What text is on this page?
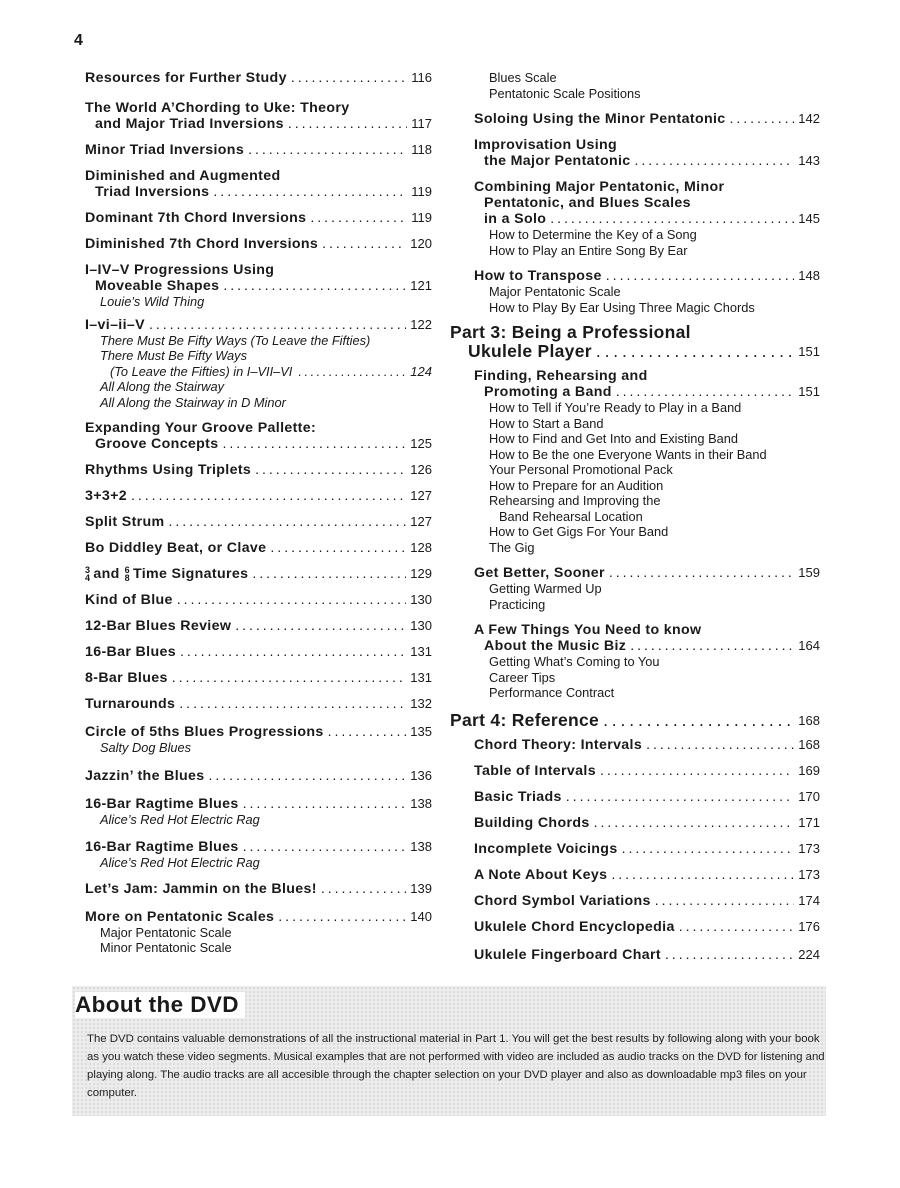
4
Resources for Further Study . . .	116
The World A’Chording to Uke: Theory
and Major Triad Inversions . . .	117
Minor Triad Inversions . . .	118
Diminished and Augmented
Triad Inversions . . .	119
Dominant 7th Chord Inversions . . .	119
Diminished 7th Chord Inversions . . .	120
I–IV–V Progressions Using
Moveable Shapes . . .	121
Louie’s Wild Thing
I–vi–ii–V . . .	122
There Must Be Fifty Ways (To Leave the Fifties)
There Must Be Fifty Ways
(To Leave the Fifties) in I–VII–VI . . .	124
All Along the Stairway
All Along the Stairway in D Minor
Expanding Your Groove Pallette:
Groove Concepts . . .	125
Rhythms Using Triplets . . .	126
3+3+2 . . .	127
Split Strum . . .	127
Bo Diddley Beat, or Clave . . .	128
3
4 and 6
8 Time Signatures . . .	129
Kind of Blue . . .	130
12-Bar Blues Review . . .	130
16-Bar Blues . . .	131
8-Bar Blues . . .	131
Turnarounds . . .	132
Circle of 5ths Blues Progressions . . .	135
Salty Dog Blues
Jazzin’ the Blues . . .	136
16-Bar Ragtime Blues . . .	138
Alice’s Red Hot Electric Rag
16-Bar Ragtime Blues . . .	138
Alice’s Red Hot Electric Rag
Let’s Jam: Jammin on the Blues! . . .	139
More on Pentatonic Scales . . .	140
Major Pentatonic Scale
Minor Pentatonic Scale
Blues Scale
Pentatonic Scale Positions
Soloing Using the Minor Pentatonic . . .	142
Improvisation Using
the Major Pentatonic . . .	143
Combining Major Pentatonic, Minor
Pentatonic, and Blues Scales
in a Solo . . .	145
How to Determine the Key of a Song
How to Play an Entire Song By Ear
How to Transpose . . .	148
Major Pentatonic Scale
How to Play By Ear Using Three Magic Chords
Part 3: Being a Professional
Ukulele Player . . .	151
Finding, Rehearsing and
Promoting a Band . . .	151
How to Tell if You’re Ready to Play in a Band
How to Start a Band
How to Find and Get Into and Existing Band
How to Be the one Everyone Wants in their Band
Your Personal Promotional Pack
How to Prepare for an Audition
Rehearsing and Improving the
Band Rehearsal Location
How to Get Gigs For Your Band
The Gig
Get Better, Sooner . . .	159
Getting Warmed Up
Practicing
A Few Things You Need to know
About the Music Biz . . .	164
Getting What’s Coming to You
Career Tips
Performance Contract
Part 4: Reference . . .	168
Chord Theory: Intervals . . .	168
Table of Intervals . . .	169
Basic Triads . . .	170
Building Chords . . .	171
Incomplete Voicings . . .	173
A Note About Keys . . .	173
Chord Symbol Variations . . .	174
Ukulele Chord Encyclopedia . . .	176
Ukulele Fingerboard Chart . . .	224
About the DVD

The DVD contains valuable demonstrations of all the instructional material in Part 1. You will get the best results by following along with your book as you watch these video segments. Musical examples that are not performed with video are included as audio tracks on the DVD for listening and playing along. The audio tracks are all accesible through the chapter selection on your DVD player and also as downloadable mp3 files on your computer.
